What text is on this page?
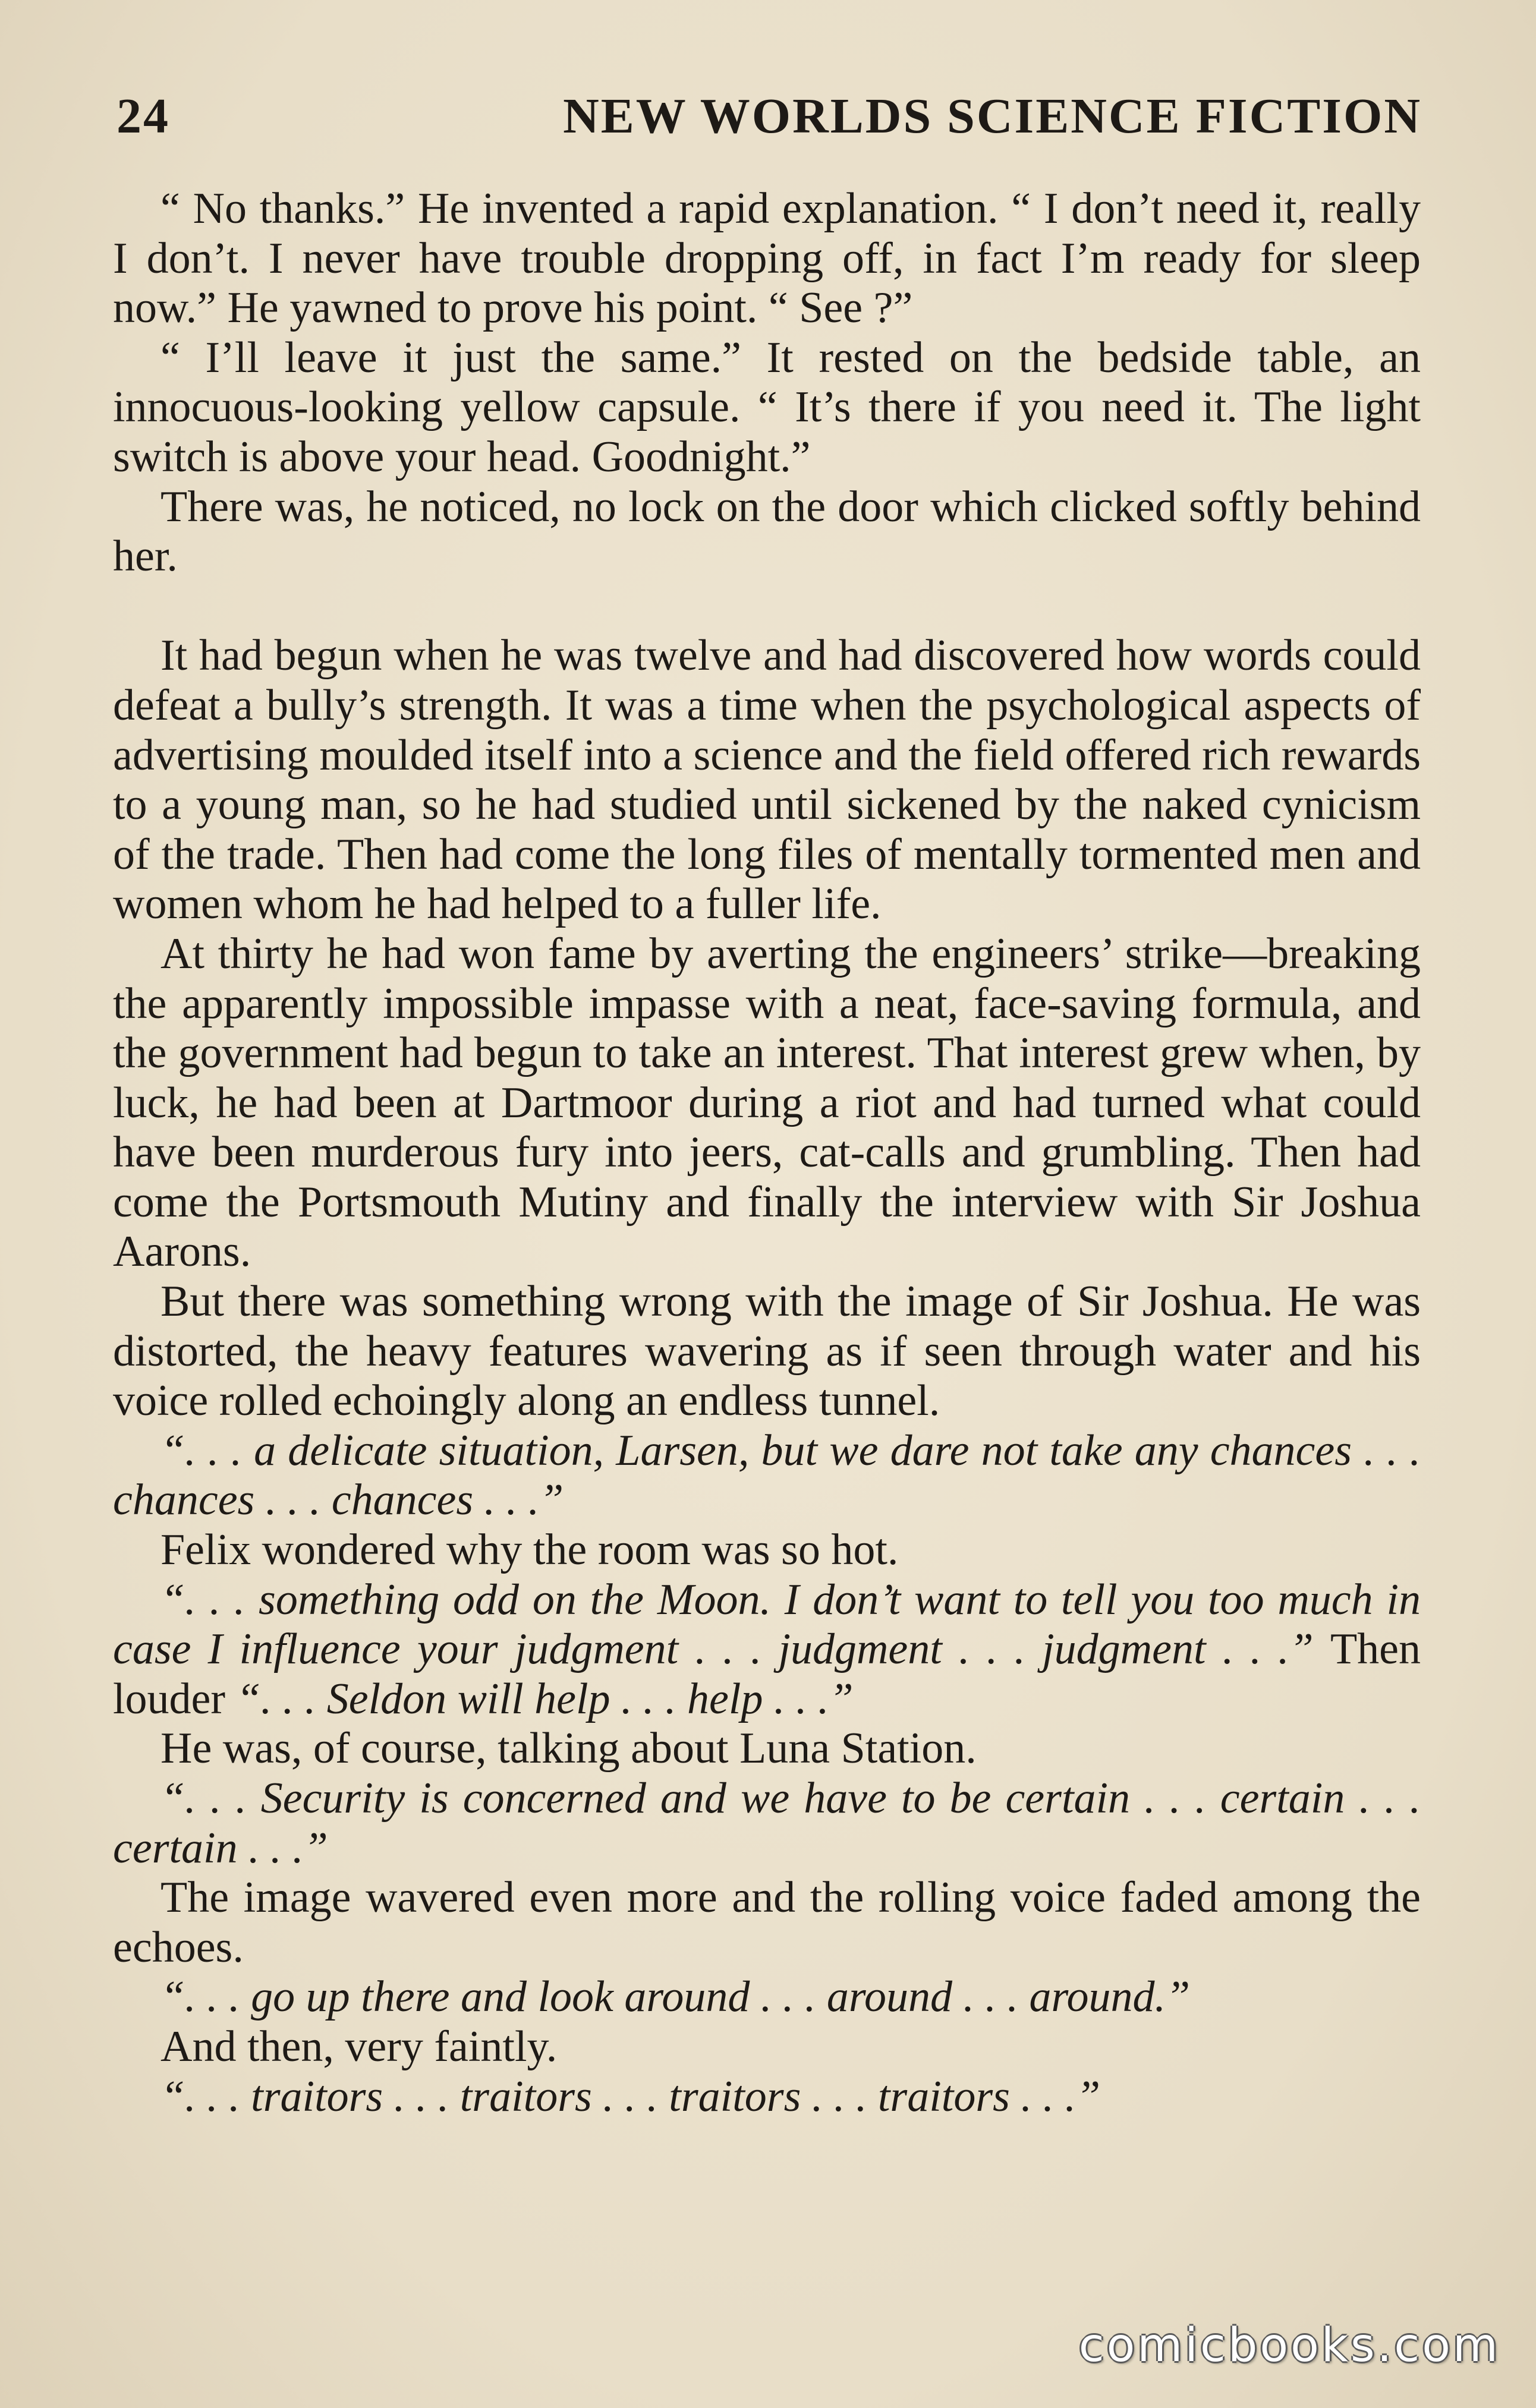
24	NEW WORLDS SCIENCE FICTION

“ No thanks.” He invented a rapid explanation. “ I don’t need it, really I don’t. I never have trouble dropping off, in fact I’m ready for sleep now.” He yawned to prove his point. “ See ?”

“ I’ll leave it just the same.” It rested on the bedside table, an innocuous-looking yellow capsule. “ It’s there if you need it. The light switch is above your head. Goodnight.”

There was, he noticed, no lock on the door which clicked softly behind her.

It had begun when he was twelve and had discovered how words could defeat a bully’s strength. It was a time when the psychological aspects of advertising moulded itself into a science and the field offered rich rewards to a young man, so he had studied until sickened by the naked cynicism of the trade. Then had come the long files of mentally tormented men and women whom he had helped to a fuller life.

At thirty he had won fame by averting the engineers’ strike—breaking the apparently impossible impasse with a neat, face-saving formula, and the government had begun to take an interest. That interest grew when, by luck, he had been at Dartmoor during a riot and had turned what could have been murderous fury into jeers, cat-calls and grumbling. Then had come the Portsmouth Mutiny and finally the interview with Sir Joshua Aarons.

But there was something wrong with the image of Sir Joshua. He was distorted, the heavy features wavering as if seen through water and his voice rolled echoingly along an endless tunnel.

“. . . a delicate situation, Larsen, but we dare not take any chances . . . chances . . . chances . . .”

Felix wondered why the room was so hot.

“. . . something odd on the Moon. I don’t want to tell you too much in case I influence your judgment . . . judgment . . . judgment . . .” Then louder “. . . Seldon will help . . . help . . .”

He was, of course, talking about Luna Station.

“. . . Security is concerned and we have to be certain . . . certain . . . certain . . .”

The image wavered even more and the rolling voice faded among the echoes.

“. . . go up there and look around . . . around . . . around.”

And then, very faintly.

“. . . traitors . . . traitors . . . traitors . . . traitors . . .”

comicbooks.com
